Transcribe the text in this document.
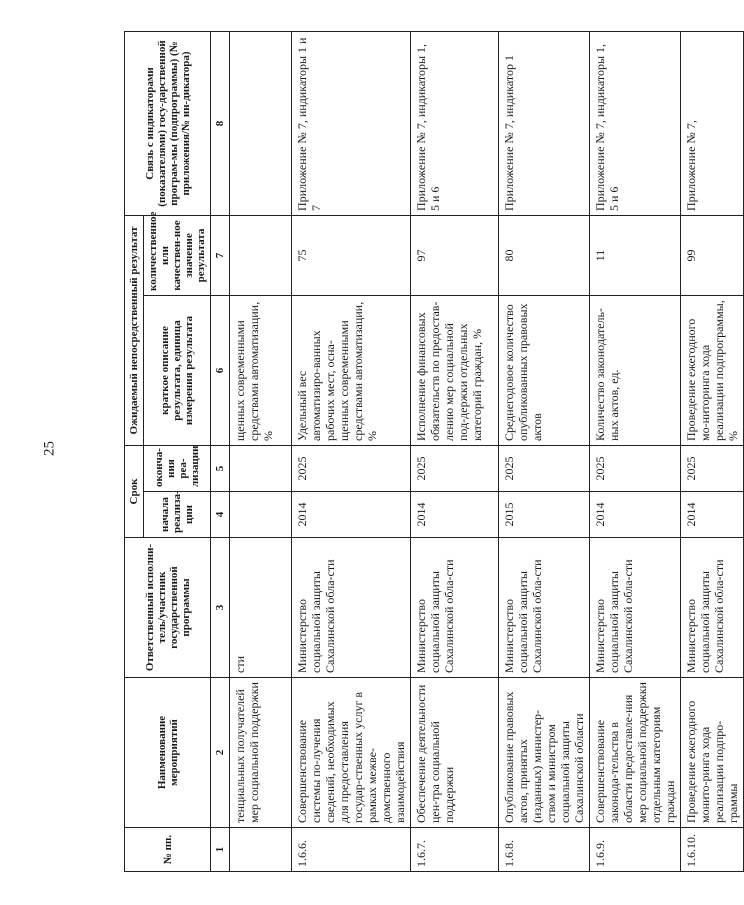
25
№ пп.	Наименование мероприятий	Ответственный исполни-тель/участник государственной программы	Срок		Ожидаемый непосредственный результат		Связь с индикаторами (показателями) госу-дарственной програм-мы (подпрограммы) (№ приложения/№ ин-дикатора)
			начала реализа-ции	оконча-ния реа-лизации	краткое описание результата, единица измерения результата	количественное или качествен-ное значение результата	
1	2	3	4	5	6	7	8
	тенциальных получателей мер социальной поддержки	сти			щенных современными средствами автоматизации, %		
1.6.6.	Совершенствование системы по-лучения сведений, необходимых для предоставления государ-ственных услуг в рамках межве-домственного взаимодействия	Министерство социальной защиты Сахалинской обла-сти	2014	2025	Удельный вес автоматизиро-ванных рабочих мест, осна-щенных современными средствами автоматизации, %	75	Приложение № 7, индикаторы 1 и 7
1.6.7.	Обеспечение деятельности цен-тра социальной поддержки	Министерство социальной защиты Сахалинской обла-сти	2014	2025	Исполнение финансовых обязательств по предостав-лению мер социальной под-держки отдельных категорий граждан, %	97	Приложение № 7, индикаторы 1, 5 и 6
1.6.8.	Опубликование правовых актов, принятых (изданных) министер-ством и министром социальной защиты Сахалинской области	Министерство социальной защиты Сахалинской обла-сти	2015	2025	Среднегодовое количество опубликованных правовых актов	80	Приложение № 7, индикатор 1
1.6.9.	Совершенствование законода-тельства в области предоставле-ния мер социальной поддержки отдельным категориям граждан	Министерство социальной защиты Сахалинской обла-сти	2014	2025	Количество законодатель-ных актов, ед.	11	Приложение № 7, индикаторы 1, 5 и 6
1.6.10.	Проведение ежегодного монито-ринга хода реализации подпро-граммы	Министерство социальной защиты Сахалинской обла-сти	2014	2025	Проведение ежегодного мо-ниторинга хода реализации подпрограммы, %	99	Приложение № 7,
